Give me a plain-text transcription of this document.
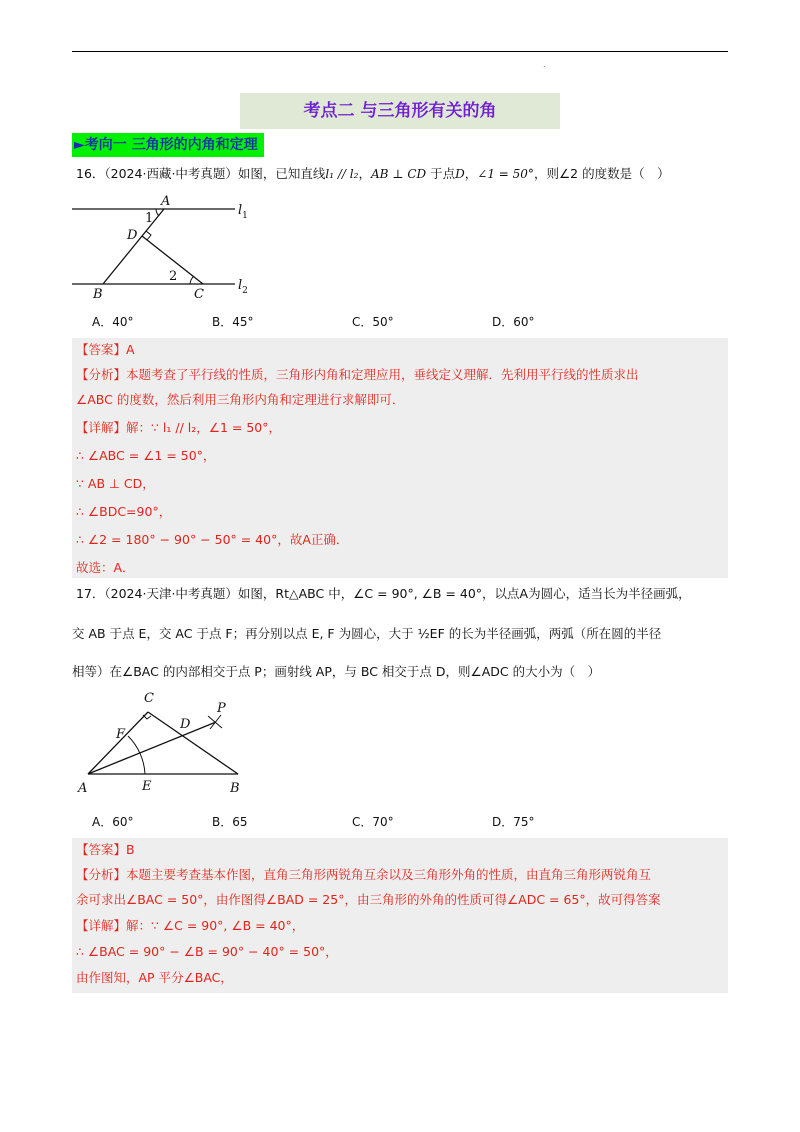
.
考点二 与三角形有关的角
►考向一 三角形的内角和定理
16．（2024·西藏·中考真题）如图，已知直线l₁ // l₂，AB ⊥ CD 于点D，∠1 = 50°，则∠2 的度数是（　）
A
1
D
2
B	C
$l_1$
$l_2$
A．40°	B．45°	C．50°	D．60°
【答案】A
【分析】本题考查了平行线的性质，三角形内角和定理应用，垂线定义理解．先利用平行线的性质求出
∠ABC 的度数，然后利用三角形内角和定理进行求解即可．
【详解】解：∵ l₁ // l₂，∠1 = 50°，
∴ ∠ABC = ∠1 = 50°，
∵ AB ⊥ CD，
∴ ∠BDC=90°，
∴ ∠2 = 180° − 90° − 50° = 40°，故A正确．
故选：A．
17．（2024·天津·中考真题）如图，Rt△ABC 中，∠C = 90°, ∠B = 40°，以点A为圆心，适当长为半径画弧，
交 AB 于点 E，交 AC 于点 F；再分别以点 E, F 为圆心，大于 ½EF 的长为半径画弧，两弧（所在圆的半径
相等）在∠BAC 的内部相交于点 P；画射线 AP，与 BC 相交于点 D，则∠ADC 的大小为（　）
C
F
D
P
A	E	B
A．60°	B．65	C．70°	D．75°
【答案】B
【分析】本题主要考查基本作图，直角三角形两锐角互余以及三角形外角的性质，由直角三角形两锐角互
余可求出∠BAC = 50°，由作图得∠BAD = 25°，由三角形的外角的性质可得∠ADC = 65°，故可得答案
【详解】解：∵ ∠C = 90°, ∠B = 40°，
∴ ∠BAC = 90° − ∠B = 90° − 40° = 50°，
由作图知，AP 平分∠BAC，
